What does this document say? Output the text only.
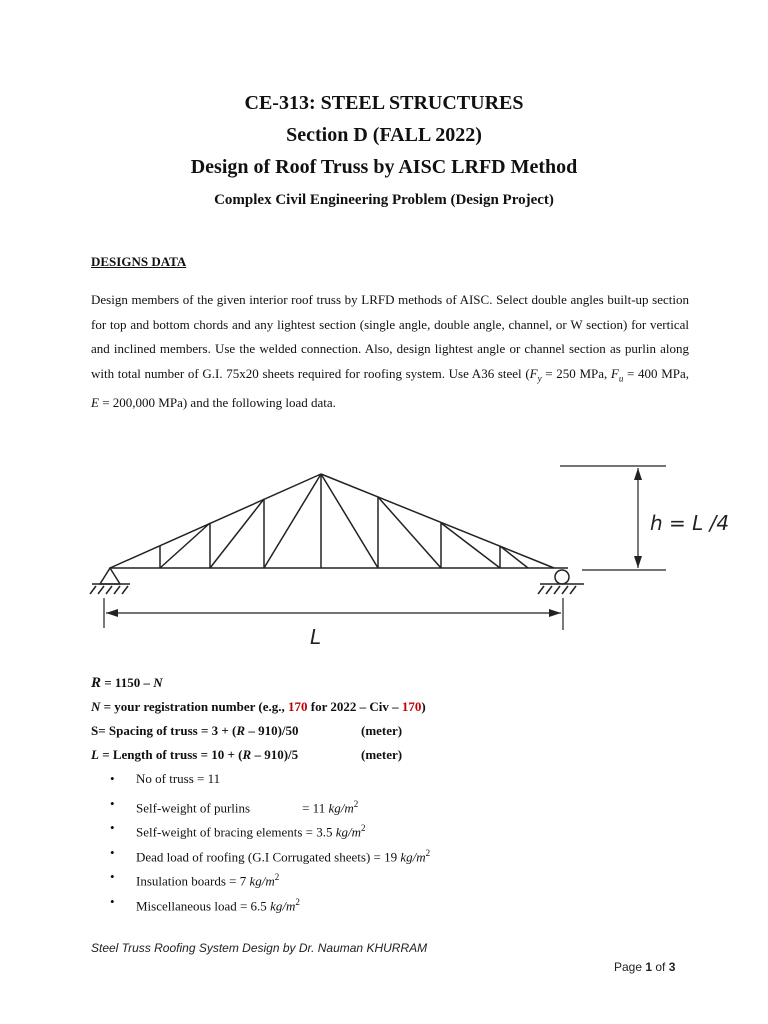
CE-313: STEEL STRUCTURES
Section D (FALL 2022)
Design of Roof Truss by AISC LRFD Method
Complex Civil Engineering Problem (Design Project)
DESIGNS DATA

Design members of the given interior roof truss by LRFD methods of AISC. Select double angles built-up section for top and bottom chords and any lightest section (single angle, double angle, channel, or W section) for vertical and inclined members. Use the welded connection. Also, design lightest angle or channel section as purlin along with total number of G.I. 75x20 sheets required for roofing system. Use A36 steel ($F_y = 250$ MPa, $F_u = 400$ MPa, E = 200,000 MPa) and the following load data.

L
h = L /4
R = 1150 – N
N = your registration number (e.g., 170 for 2022 – Civ – 170)
S= Spacing of truss = 3 + (R – 910)/50	(meter)
L = Length of truss = 10 + (R – 910)/5	(meter)
• No of truss = 11
• Self-weight of purlins                = 11 $kg/m^2$
• Self-weight of bracing elements = 3.5 $kg/m^2$
• Dead load of roofing (G.I Corrugated sheets) = 19 $kg/m^2$
• Insulation boards = 7 $kg/m^2$
• Miscellaneous load = 6.5 $kg/m^2$
Steel Truss Roofing System Design by Dr. Nauman KHURRAM
Page 1 of 3
